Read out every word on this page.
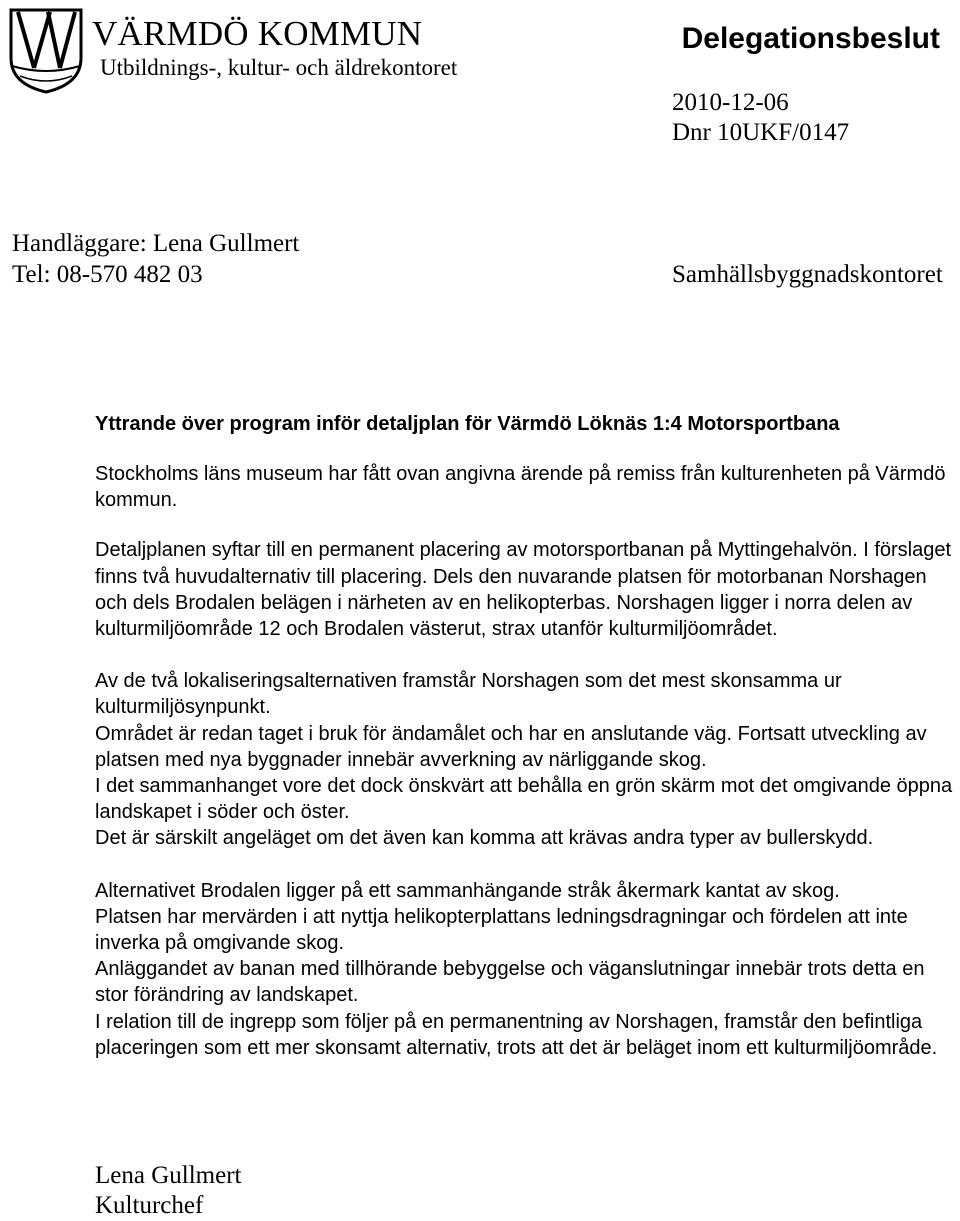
VÄRMDÖ KOMMUN
Utbildnings-, kultur- och äldrekontoret
Delegationsbeslut
2010-12-06
Dnr 10UKF/0147
Handläggare: Lena Gullmert
Tel: 08-570 482 03	Samhällsbyggnadskontoret
Yttrande över program inför detaljplan för Värmdö Löknäs 1:4 Motorsportbana

Stockholms läns museum har fått ovan angivna ärende på remiss från kulturenheten på Värmdö kommun.

Detaljplanen syftar till en permanent placering av motorsportbanan på Myttingehalvön. I förslaget finns två huvudalternativ till placering. Dels den nuvarande platsen för motorbanan Norshagen och dels Brodalen belägen i närheten av en helikopterbas. Norshagen ligger i norra delen av kulturmiljöområde 12 och Brodalen västerut, strax utanför kulturmiljöområdet.

Av de två lokaliseringsalternativen framstår Norshagen som det mest skonsamma ur kulturmiljösynpunkt.

Området är redan taget i bruk för ändamålet och har en anslutande väg. Fortsatt utveckling av platsen med nya byggnader innebär avverkning av närliggande skog.

I det sammanhanget vore det dock önskvärt att behålla en grön skärm mot det omgivande öppna landskapet i söder och öster.

Det är särskilt angeläget om det även kan komma att krävas andra typer av bullerskydd.

Alternativet Brodalen ligger på ett sammanhängande stråk åkermark kantat av skog.

Platsen har mervärden i att nyttja helikopterplattans ledningsdragningar och fördelen att inte inverka på omgivande skog.

Anläggandet av banan med tillhörande bebyggelse och väganslutningar innebär trots detta en stor förändring av landskapet.

I relation till de ingrepp som följer på en permanentning av Norshagen, framstår den befintliga placeringen som ett mer skonsamt alternativ, trots att det är beläget inom ett kulturmiljöområde.

Lena Gullmert
Kulturchef
